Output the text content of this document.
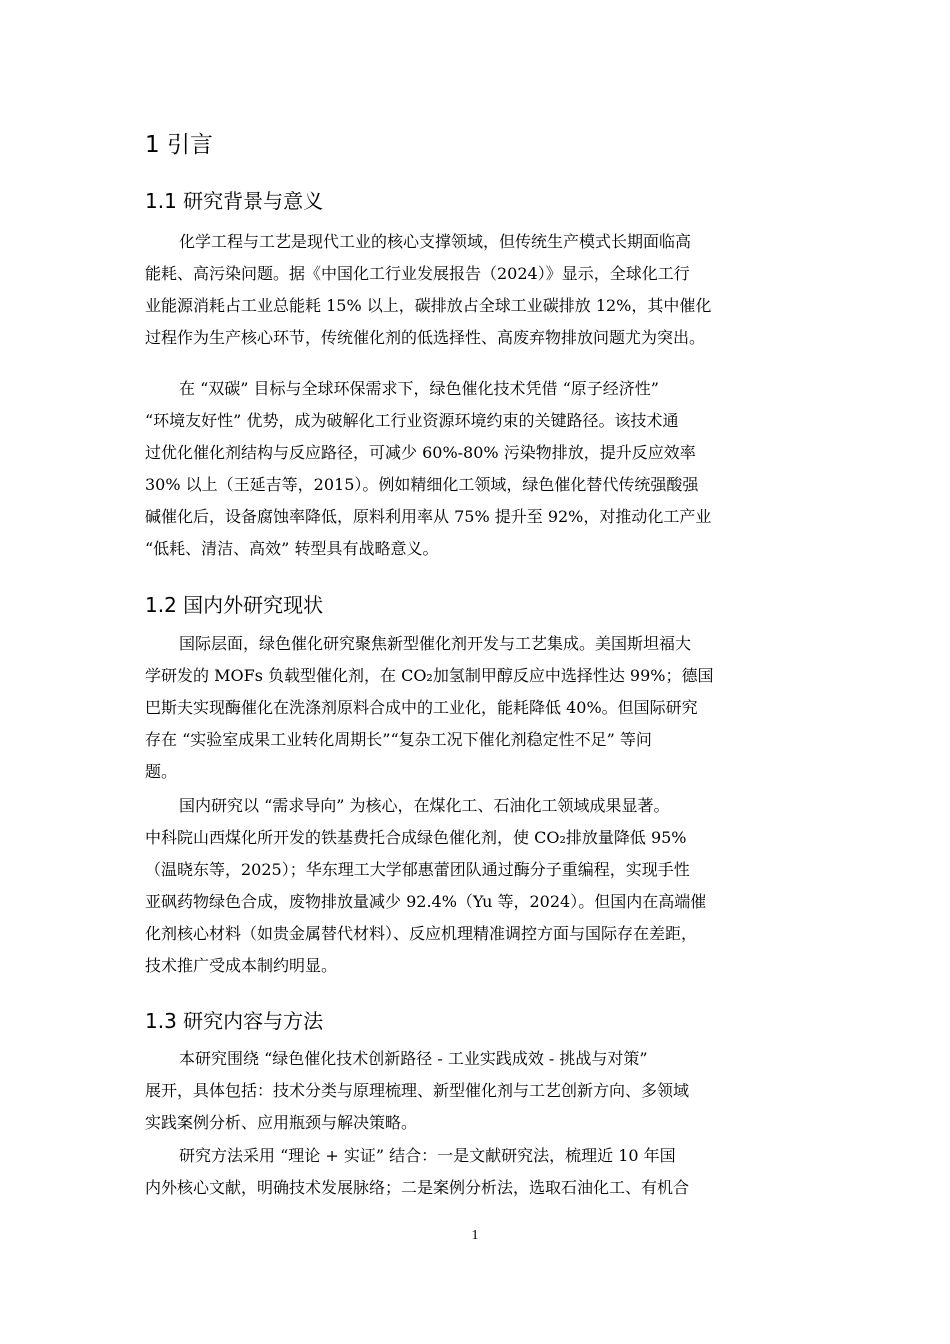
1 引言
1.1 研究背景与意义

化学工程与工艺是现代工业的核心支撑领域，但传统生产模式长期面临高
能耗、高污染问题。据《中国化工行业发展报告（2024）》显示，全球化工行
业能源消耗占工业总能耗 15% 以上，碳排放占全球工业碳排放 12%，其中催化
过程作为生产核心环节，传统催化剂的低选择性、高废弃物排放问题尤为突出。

在 “双碳” 目标与全球环保需求下，绿色催化技术凭借 “原子经济性”
“环境友好性” 优势，成为破解化工行业资源环境约束的关键路径。该技术通
过优化催化剂结构与反应路径，可减少 60%-80% 污染物排放，提升反应效率
30% 以上（王延吉等，2015）。例如精细化工领域，绿色催化替代传统强酸强
碱催化后，设备腐蚀率降低，原料利用率从 75% 提升至 92%，对推动化工产业
“低耗、清洁、高效” 转型具有战略意义。

1.2 国内外研究现状

国际层面，绿色催化研究聚焦新型催化剂开发与工艺集成。美国斯坦福大
学研发的 MOFs 负载型催化剂，在 CO₂加氢制甲醇反应中选择性达 99%；德国
巴斯夫实现酶催化在洗涤剂原料合成中的工业化，能耗降低 40%。但国际研究
存在 “实验室成果工业转化周期长”“复杂工况下催化剂稳定性不足” 等问
题。

国内研究以 “需求导向” 为核心，在煤化工、石油化工领域成果显著。
中科院山西煤化所开发的铁基费托合成绿色催化剂，使 CO₂排放量降低 95%
（温晓东等，2025）；华东理工大学郁惠蕾团队通过酶分子重编程，实现手性
亚砜药物绿色合成，废物排放量减少 92.4%（Yu 等，2024）。但国内在高端催
化剂核心材料（如贵金属替代材料）、反应机理精准调控方面与国际存在差距，
技术推广受成本制约明显。

1.3 研究内容与方法

本研究围绕 “绿色催化技术创新路径 - 工业实践成效 - 挑战与对策”
展开，具体包括：技术分类与原理梳理、新型催化剂与工艺创新方向、多领域
实践案例分析、应用瓶颈与解决策略。

研究方法采用 “理论 + 实证” 结合：一是文献研究法，梳理近 10 年国
内外核心文献，明确技术发展脉络；二是案例分析法，选取石油化工、有机合

1
